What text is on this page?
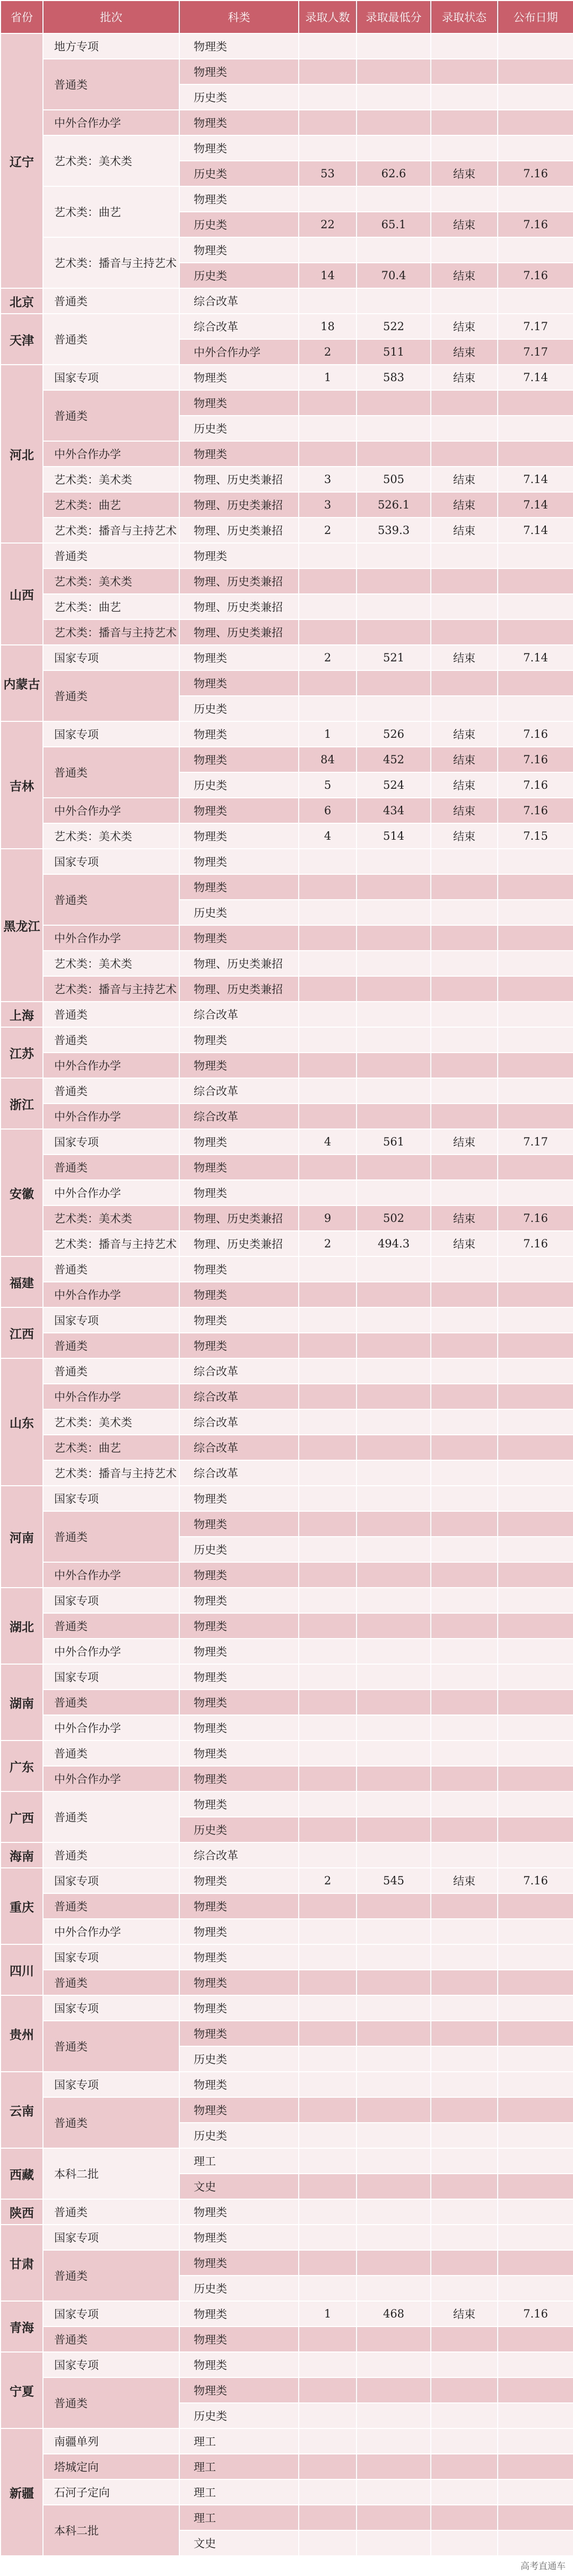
省份	批次	科类	录取人数	录取最低分	录取状态	公布日期
辽宁	地方专项	物理类				
	普通类	物理类				
		历史类				
	中外合作办学	物理类				
	艺术类：美术类	物理类				
		历史类	53	62.6	结束	7.16
	艺术类：曲艺	物理类				
		历史类	22	65.1	结束	7.16
	艺术类：播音与主持艺术	物理类				
		历史类	14	70.4	结束	7.16
北京	普通类	综合改革				
天津	普通类	综合改革	18	522	结束	7.17
		中外合作办学	2	511	结束	7.17
河北	国家专项	物理类	1	583	结束	7.14
	普通类	物理类				
		历史类				
	中外合作办学	物理类				
	艺术类：美术类	物理、历史类兼招	3	505	结束	7.14
	艺术类：曲艺	物理、历史类兼招	3	526.1	结束	7.14
	艺术类：播音与主持艺术	物理、历史类兼招	2	539.3	结束	7.14
山西	普通类	物理类				
	艺术类：美术类	物理、历史类兼招				
	艺术类：曲艺	物理、历史类兼招				
	艺术类：播音与主持艺术	物理、历史类兼招				
内蒙古	国家专项	物理类	2	521	结束	7.14
	普通类	物理类				
		历史类				
吉林	国家专项	物理类	1	526	结束	7.16
	普通类	物理类	84	452	结束	7.16
		历史类	5	524	结束	7.16
	中外合作办学	物理类	6	434	结束	7.16
	艺术类：美术类	物理类	4	514	结束	7.15
黑龙江	国家专项	物理类				
	普通类	物理类				
		历史类				
	中外合作办学	物理类				
	艺术类：美术类	物理、历史类兼招				
	艺术类：播音与主持艺术	物理、历史类兼招				
上海	普通类	综合改革				
江苏	普通类	物理类				
	中外合作办学	物理类				
浙江	普通类	综合改革				
	中外合作办学	综合改革				
安徽	国家专项	物理类	4	561	结束	7.17
	普通类	物理类				
	中外合作办学	物理类				
	艺术类：美术类	物理、历史类兼招	9	502	结束	7.16
	艺术类：播音与主持艺术	物理、历史类兼招	2	494.3	结束	7.16
福建	普通类	物理类				
	中外合作办学	物理类				
江西	国家专项	物理类				
	普通类	物理类				
山东	普通类	综合改革				
	中外合作办学	综合改革				
	艺术类：美术类	综合改革				
	艺术类：曲艺	综合改革				
	艺术类：播音与主持艺术	综合改革				
河南	国家专项	物理类				
	普通类	物理类				
		历史类				
	中外合作办学	物理类				
湖北	国家专项	物理类				
	普通类	物理类				
	中外合作办学	物理类				
湖南	国家专项	物理类				
	普通类	物理类				
	中外合作办学	物理类				
广东	普通类	物理类				
	中外合作办学	物理类				
广西	普通类	物理类				
		历史类				
海南	普通类	综合改革				
重庆	国家专项	物理类	2	545	结束	7.16
	普通类	物理类				
	中外合作办学	物理类				
四川	国家专项	物理类				
	普通类	物理类				
贵州	国家专项	物理类				
	普通类	物理类				
		历史类				
云南	国家专项	物理类				
	普通类	物理类				
		历史类				
西藏	本科二批	理工				
		文史				
陕西	普通类	物理类				
甘肃	国家专项	物理类				
	普通类	物理类				
		历史类				
青海	国家专项	物理类	1	468	结束	7.16
	普通类	物理类				
宁夏	国家专项	物理类				
	普通类	物理类				
		历史类				
新疆	南疆单列	理工				
	塔城定向	理工				
	石河子定向	理工				
	本科二批	理工				
		文史				
高考直通车
